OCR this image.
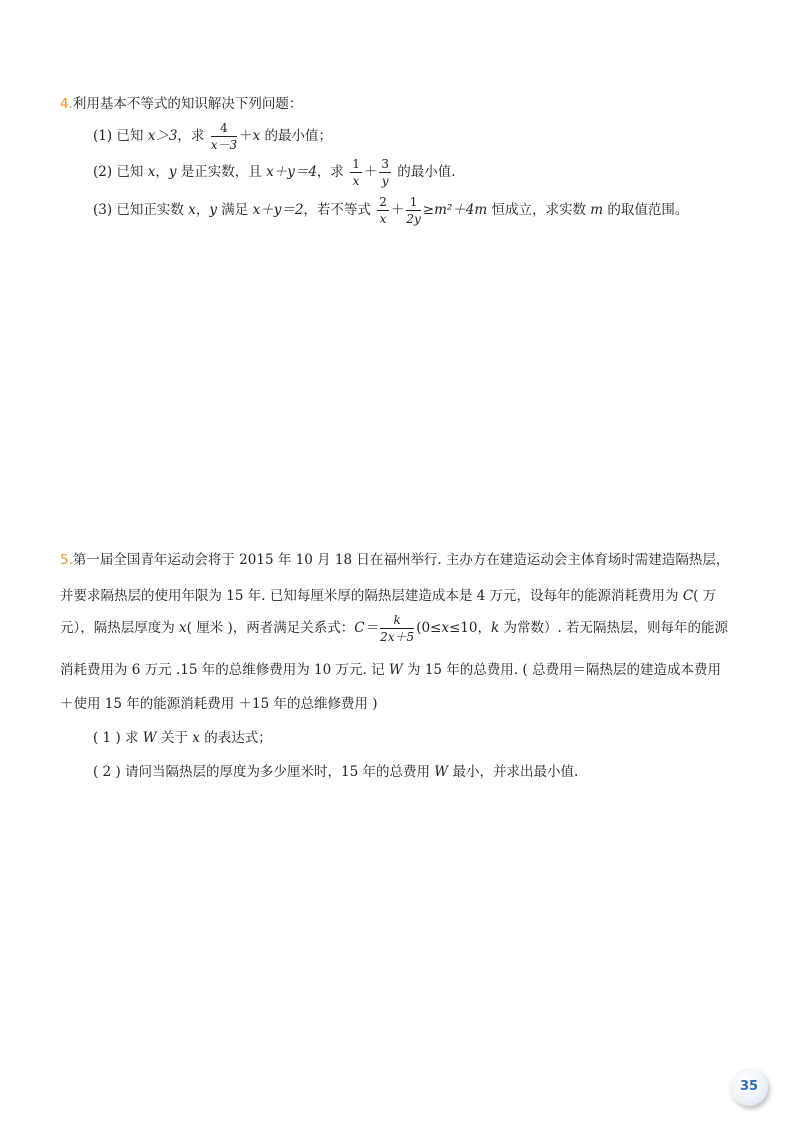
4.利用基本不等式的知识解决下列问题：
(1) 已知 x＞3，求 $\frac{4}{x-3} +x$ 的最小值；
(2) 已知 x，y 是正实数，且 x＋y＝4，求 $\frac{1}{x} + \frac{3}{y}$ 的最小值.
(3) 已知正实数 x，y 满足 x＋y＝2，若不等式 $\frac{2}{x} + \frac{1}{2y} \ge m^2+4m$ 恒成立，求实数 m 的取值范围。
5.第一届全国青年运动会将于 2015 年 10 月 18 日在福州举行. 主办方在建造运动会主体育场时需建造隔热层，
并要求隔热层的使用年限为 15 年. 已知每厘米厚的隔热层建造成本是 4 万元，设每年的能源消耗费用为 C( 万
元），隔热层厚度为 x( 厘米 )，两者满足关系式：$C= \frac{k}{2x+5} (0\le x\le 10$，k 为常数）. 若无隔热层，则每年的能源
消耗费用为 6 万元 .15 年的总维修费用为 10 万元. 记 W 为 15 年的总费用. ( 总费用＝隔热层的建造成本费用
＋使用 15 年的能源消耗费用 ＋15 年的总维修费用 )
( 1 ) 求 W 关于 x 的表达式；
( 2 ) 请问当隔热层的厚度为多少厘米时，15 年的总费用 W 最小，并求出最小值.
35
